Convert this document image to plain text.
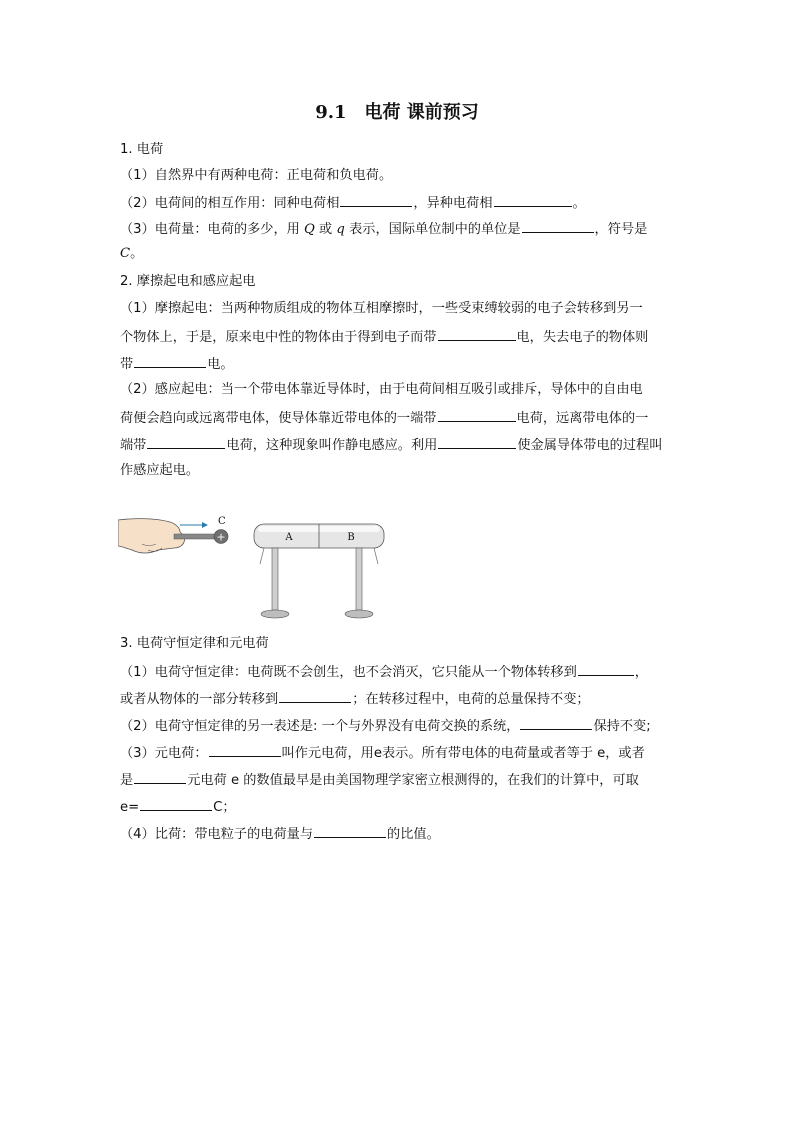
9.1　电荷 课前预习
1. 电荷
（1）自然界中有两种电荷：正电荷和负电荷。
（2）电荷间的相互作用：同种电荷相	，异种电荷相	。
（3）电荷量：电荷的多少，用 Q 或 q 表示，国际单位制中的单位是	，符号是
C。
2. 摩擦起电和感应起电
（1）摩擦起电：当两种物质组成的物体互相摩擦时，一些受束缚较弱的电子会转移到另一
个物体上，于是，原来电中性的物体由于得到电子而带	电，失去电子的物体则
带	电。
（2）感应起电：当一个带电体靠近导体时，由于电荷间相互吸引或排斥，导体中的自由电
荷便会趋向或远离带电体，使导体靠近带电体的一端带	电荷，远离带电体的一
端带	电荷，这种现象叫作静电感应。利用	使金属导体带电的过程叫
作感应起电。
+
C
A	B
3. 电荷守恒定律和元电荷
（1）电荷守恒定律：电荷既不会创生，也不会消灭，它只能从一个物体转移到	，
或者从物体的一部分转移到	；在转移过程中，电荷的总量保持不变；
（2）电荷守恒定律的另一表述是: 一个与外界没有电荷交换的系统，	保持不变;
（3）元电荷：	叫作元电荷，用e表示。所有带电体的电荷量或者等于 e，或者
是	元电荷 e 的数值最早是由美国物理学家密立根测得的，在我们的计算中，可取
e=	C；
（4）比荷：带电粒子的电荷量与	的比值。
